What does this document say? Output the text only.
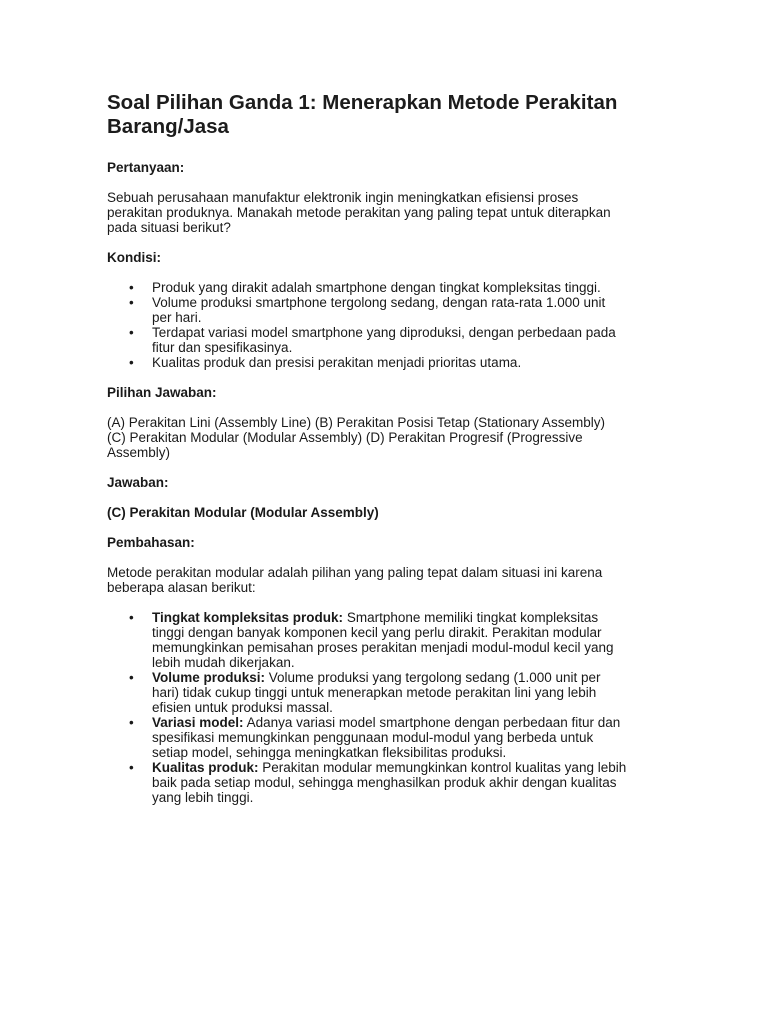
Soal Pilihan Ganda 1: Menerapkan Metode Perakitan Barang/Jasa
Pertanyaan:
Sebuah perusahaan manufaktur elektronik ingin meningkatkan efisiensi proses perakitan produknya. Manakah metode perakitan yang paling tepat untuk diterapkan pada situasi berikut?
Kondisi:
• Produk yang dirakit adalah smartphone dengan tingkat kompleksitas tinggi.
• Volume produksi smartphone tergolong sedang, dengan rata-rata 1.000 unit per hari.
• Terdapat variasi model smartphone yang diproduksi, dengan perbedaan pada fitur dan spesifikasinya.
• Kualitas produk dan presisi perakitan menjadi prioritas utama.
Pilihan Jawaban:
(A) Perakitan Lini (Assembly Line) (B) Perakitan Posisi Tetap (Stationary Assembly) (C) Perakitan Modular (Modular Assembly) (D) Perakitan Progresif (Progressive Assembly)
Jawaban:
(C) Perakitan Modular (Modular Assembly)
Pembahasan:
Metode perakitan modular adalah pilihan yang paling tepat dalam situasi ini karena beberapa alasan berikut:
• Tingkat kompleksitas produk: Smartphone memiliki tingkat kompleksitas tinggi dengan banyak komponen kecil yang perlu dirakit. Perakitan modular memungkinkan pemisahan proses perakitan menjadi modul-modul kecil yang lebih mudah dikerjakan.
• Volume produksi: Volume produksi yang tergolong sedang (1.000 unit per hari) tidak cukup tinggi untuk menerapkan metode perakitan lini yang lebih efisien untuk produksi massal.
• Variasi model: Adanya variasi model smartphone dengan perbedaan fitur dan spesifikasi memungkinkan penggunaan modul-modul yang berbeda untuk setiap model, sehingga meningkatkan fleksibilitas produksi.
• Kualitas produk: Perakitan modular memungkinkan kontrol kualitas yang lebih baik pada setiap modul, sehingga menghasilkan produk akhir dengan kualitas yang lebih tinggi.
